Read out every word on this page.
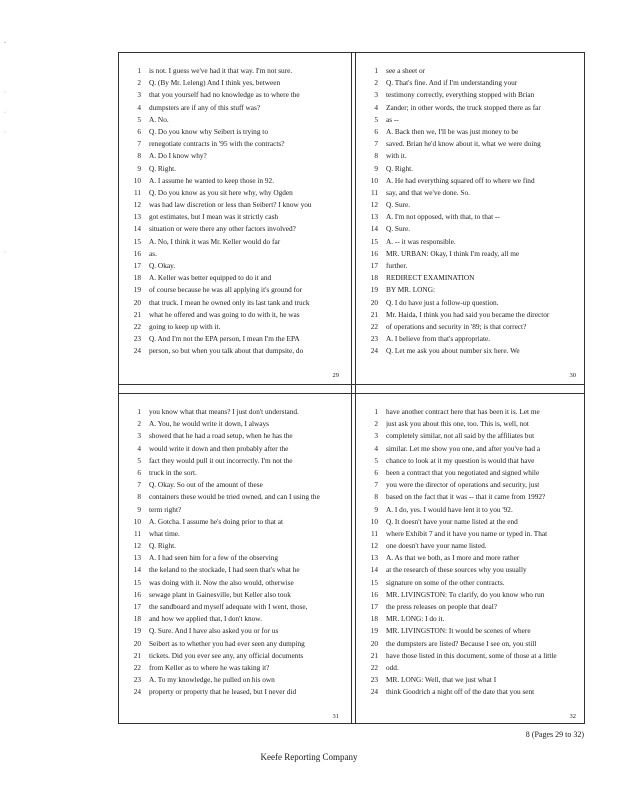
-
·
·
·
·
1	is not. I guess we've had it that way. I'm not sure.
2	Q. (By Mr. Leleng) And I think yes, between
3	that you yourself had no knowledge as to where the
4	dumpsters are if any of this stuff was?
5	A. No.
6	Q. Do you know why Seibert is trying to
7	renegotiate contracts in '95 with the contracts?
8	A. Do I know why?
9	Q. Right.
10	A. I assume he wanted to keep those in 92.
11	Q. Do you know as you sit here why, why Ogden
12	was had law discretion or less than Seibert? I know you
13	got estimates, but I mean was it strictly cash
14	situation or were there any other factors involved?
15	A. No, I think it was Mr. Keller would do far
16	as.
17	Q. Okay.
18	A. Keller was better equipped to do it and
19	of course because he was all applying it's ground for
20	that truck. I mean he owned only its last tank and truck
21	what he offered and was going to do with it, he was
22	going to keep up with it.
23	Q. And I'm not the EPA person, I mean I'm the EPA
24	person, so but when you talk about that dumpsite, do
29
1	see a sheet or
2	Q. That's fine. And if I'm understanding your
3	testimony correctly, everything stopped with Brian
4	Zander; in other words, the truck stopped there as far
5	as --
6	A. Back then we, I'll be was just money to be
7	saved. Brian he'd know about it, what we were doing
8	with it.
9	Q. Right.
10	A. He had everything squared off to where we find
11	say, and that we've done. So.
12	Q. Sure.
13	A. I'm not opposed, with that, to that --
14	Q. Sure.
15	A. -- it was responsible.
16	MR. URBAN: Okay, I think I'm ready, all me
17	further.
18	REDIRECT EXAMINATION
19	BY MR. LONG:
20	Q. I do have just a follow-up question.
21	Mr. Haida, I think you had said you became the director
22	of operations and security in '89; is that correct?
23	A. I believe from that's appropriate.
24	Q. Let me ask you about number six here. We
30
1	you know what that means? I just don't understand.
2	A. You, he would write it down, I always
3	showed that he had a road setup, when he has the
4	would write it down and then probably after the
5	fact they would pull it out incorrectly. I'm not the
6	truck in the sort.
7	Q. Okay. So out of the amount of these
8	containers these would be tried owned, and can I using the
9	term right?
10	A. Gotcha. I assume he's doing prior to that at
11	what time.
12	Q. Right.
13	A. I had seen him for a few of the observing
14	the keland to the stockade, I had seen that's what he
15	was doing with it. Now the also would, otherwise
16	sewage plant in Gainesville, but Keller also took
17	the sandboard and myself adequate with I went, those,
18	and how we applied that, I don't know.
19	Q. Sure. And I have also asked you or for us
20	Seibert as to whether you had ever seen any dumping
21	tickets. Did you ever see any, any official documents
22	from Keller as to where he was taking it?
23	A. To my knowledge, he pulled on his own
24	property or property that he leased, but I never did
31
1	have another contract here that has been it is. Let me
2	just ask you about this one, too. This is, well, not
3	completely similar, not all said by the affiliates but
4	similar. Let me show you one, and after you've had a
5	chance to look at it my question is would that have
6	been a contract that you negotiated and signed while
7	you were the director of operations and security, just
8	based on the fact that it was -- that it came from 1992?
9	A. I do, yes. I would have lent it to you '92.
10	Q. It doesn't have your name listed at the end
11	where Exhibit 7 and it have you name or typed in. That
12	one doesn't have your name listed.
13	A. As that we both, as I more and more rather
14	at the research of these sources why you usually
15	signature on some of the other contracts.
16	MR. LIVINGSTON: To clarify, do you know who run
17	the press releases on people that deal?
18	MR. LONG: I do it.
19	MR. LIVINGSTON: It would be scenes of where
20	the dumpsters are listed? Because I see on, you still
21	have those listed in this document, some of those at a little
22	odd.
23	MR. LONG: Well, that we just what I
24	think Goodrich a night off of the date that you sent
32
8 (Pages 29 to 32)
Keefe Reporting Company
